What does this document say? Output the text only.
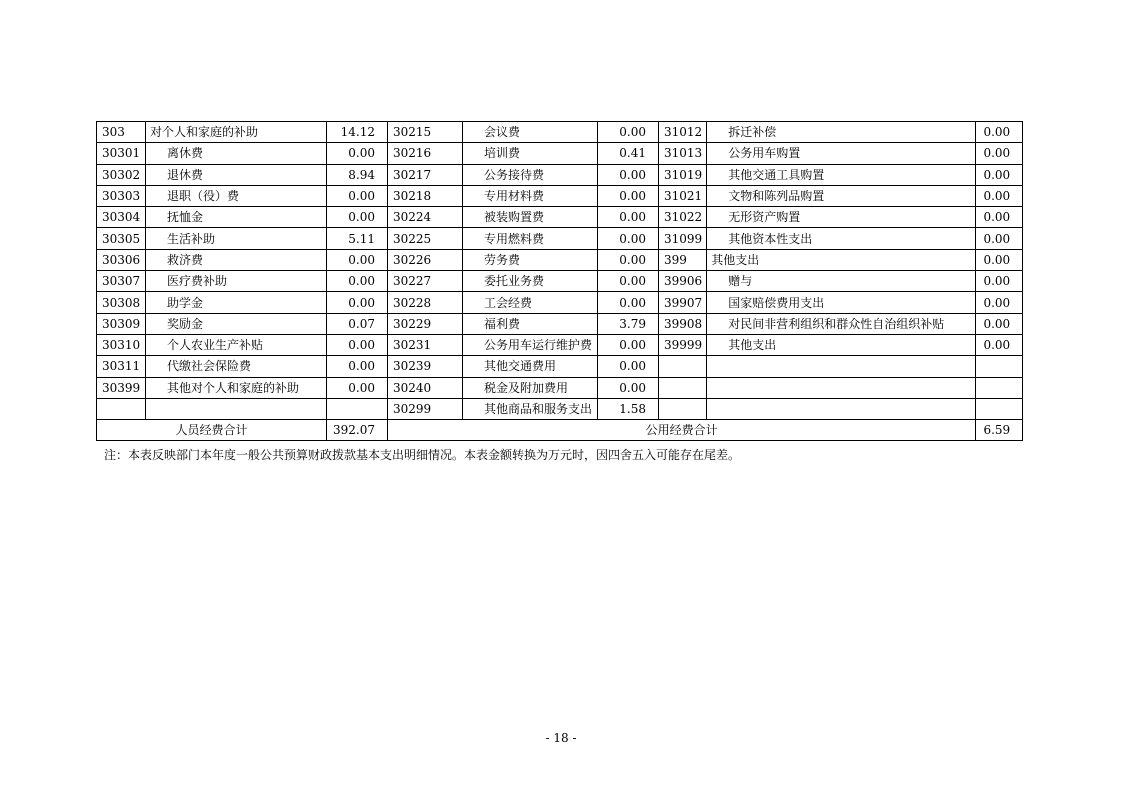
303	对个人和家庭的补助	14.12	30215	会议费	0.00	31012	拆迁补偿	0.00
30301	离休费	0.00	30216	培训费	0.41	31013	公务用车购置	0.00
30302	退休费	8.94	30217	公务接待费	0.00	31019	其他交通工具购置	0.00
30303	退职（役）费	0.00	30218	专用材料费	0.00	31021	文物和陈列品购置	0.00
30304	抚恤金	0.00	30224	被装购置费	0.00	31022	无形资产购置	0.00
30305	生活补助	5.11	30225	专用燃料费	0.00	31099	其他资本性支出	0.00
30306	救济费	0.00	30226	劳务费	0.00	399	其他支出	0.00
30307	医疗费补助	0.00	30227	委托业务费	0.00	39906	赠与	0.00
30308	助学金	0.00	30228	工会经费	0.00	39907	国家赔偿费用支出	0.00
30309	奖励金	0.07	30229	福利费	3.79	39908	对民间非营利组织和群众性自治组织补贴	0.00
30310	个人农业生产补贴	0.00	30231	公务用车运行维护费	0.00	39999	其他支出	0.00
30311	代缴社会保险费	0.00	30239	其他交通费用	0.00			
30399	其他对个人和家庭的补助	0.00	30240	税金及附加费用	0.00			
			30299	其他商品和服务支出	1.58			
人员经费合计		392.07	公用经费合计					6.59
注：本表反映部门本年度一般公共预算财政拨款基本支出明细情况。本表金额转换为万元时，因四舍五入可能存在尾差。
- 18 -
